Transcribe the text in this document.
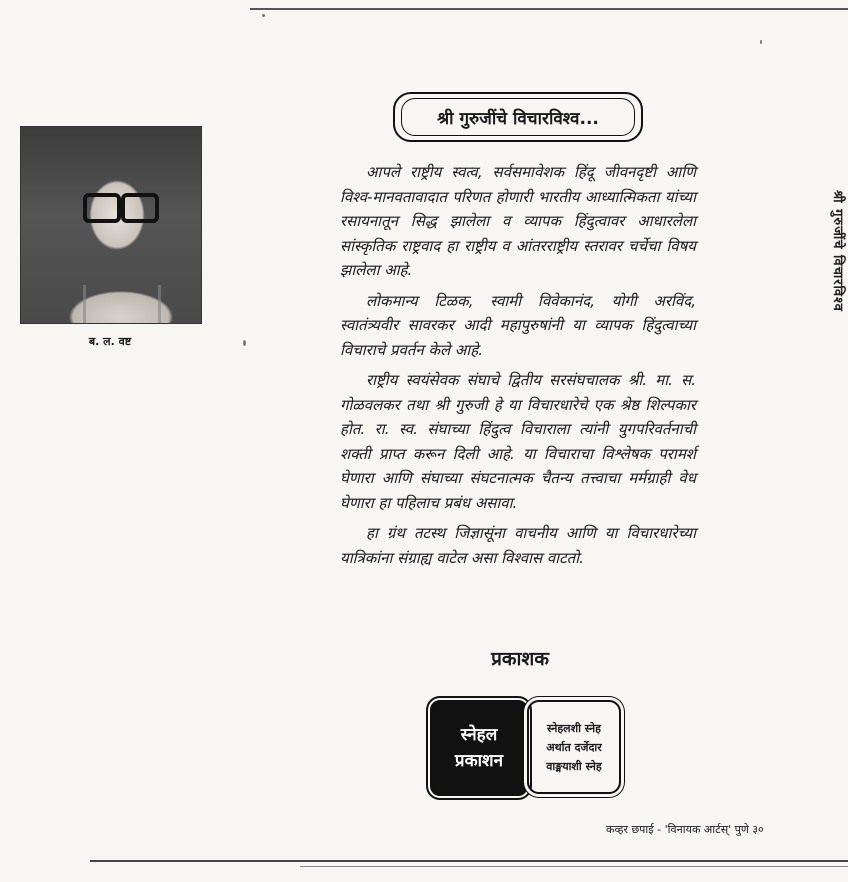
ब. ल. वष्ट
श्री गुरुजींचे विचारविश्व...

आपले राष्ट्रीय स्वत्व, सर्वसमावेशक हिंदू जीवनदृष्टी आणि विश्व-मानवतावादात परिणत होणारी भारतीय आध्यात्मिकता यांच्या रसायनातून सिद्ध झालेला व व्यापक हिंदुत्वावर आधारलेला सांस्कृतिक राष्ट्रवाद हा राष्ट्रीय व आंतरराष्ट्रीय स्तरावर चर्चेचा विषय झालेला आहे.

लोकमान्य टिळक, स्वामी विवेकानंद, योगी अरविंद, स्वातंत्र्यवीर सावरकर आदी महापुरुषांनी या व्यापक हिंदुत्वाच्या विचाराचे प्रवर्तन केले आहे.

राष्ट्रीय स्वयंसेवक संघाचे द्वितीय सरसंघचालक श्री. मा. स. गोळवलकर तथा श्री गुरुजी हे या विचारधारेचे एक श्रेष्ठ शिल्पकार होत. रा. स्व. संघाच्या हिंदुत्व विचाराला त्यांनी युगपरिवर्तनाची शक्ती प्राप्त करून दिली आहे. या विचाराचा विश्लेषक परामर्श घेणारा आणि संघाच्या संघटनात्मक चैतन्य तत्त्वाचा मर्मग्राही वेध घेणारा हा पहिलाच प्रबंध असावा.

हा ग्रंथ तटस्थ जिज्ञासूंना वाचनीय आणि या विचारधारेच्या यात्रिकांना संग्राह्य वाटेल असा विश्वास वाटतो.

प्रकाशक
स्नेहल
प्रकाशन
स्नेहलशी स्नेह
अर्थात दर्जेदार
वाङ्मयाशी स्नेह
कव्हर छपाई - 'विनायक आर्टस्' पुणे ३०
श्री गुरुजींचे विचारविश्व
